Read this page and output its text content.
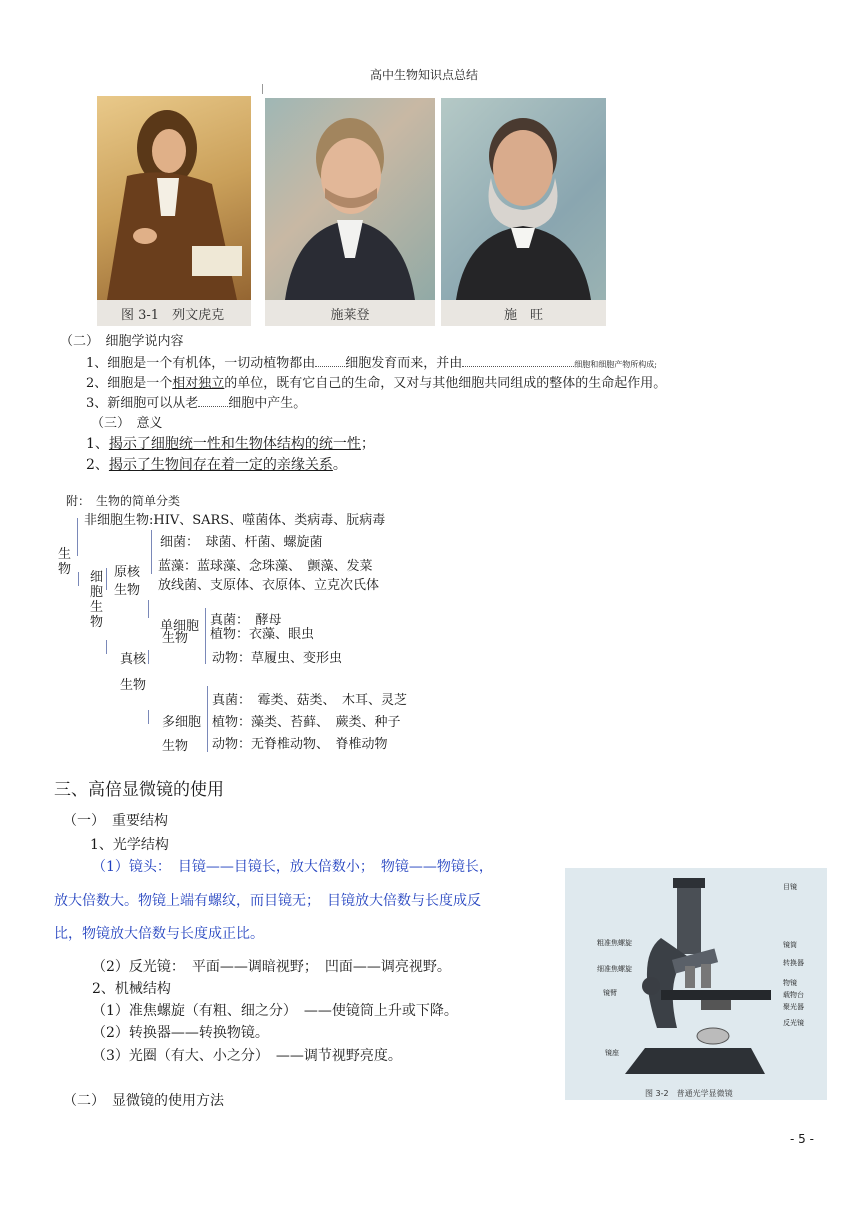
高中生物知识点总结
图 3-1　列文虎克	施莱登	施　旺
（二）　细胞学说内容
1、细胞是一个有机体，一切动植物都由 细胞发育而来，并由	细胞和细胞产物所构成;
2、细胞是一个相对独立的单位，既有它自己的生命，又对与其他细胞共同组成的整体的生命起作用。
3、新细胞可以从老 细胞中产生。
（三）　意义
1、揭示了细胞统一性和生物体结构的统一性；
2、揭示了生物间存在着一定的亲缘关系。
附：　生物的简单分类
非细胞生物:HIV、SARS、噬菌体、类病毒、朊病毒
生物
细胞生物
原核生物
细菌：　球菌、杆菌、螺旋菌
蓝藻：蓝球藻、念珠藻、　颤藻、发菜
放线菌、支原体、衣原体、立克次氏体
真核
生物
单细胞
生物
真菌：　酵母
植物：衣藻、眼虫
动物：草履虫、变形虫
多细胞
生物
真菌：　霉类、菇类、　木耳、灵芝
植物：藻类、苔藓、　蕨类、种子
动物：无脊椎动物、　脊椎动物
三、高倍显微镜的使用
（一）　重要结构
1、光学结构
（1）镜头：　目镜——目镜长，放大倍数小；　物镜——物镜长，
放大倍数大。物镜上端有螺纹，而目镜无；　目镜放大倍数与长度成反
比，物镜放大倍数与长度成正比。
（2）反光镜：　平面——调暗视野；　凹面——调亮视野。
2、机械结构
（1）准焦螺旋（有粗、细之分）　——使镜筒上升或下降。
（2）转换器——转换物镜。
（3）光圈（有大、小之分）　——调节视野亮度。
（二）　显微镜的使用方法
目镜
粗准焦螺旋
细准焦螺旋
镜臂
镜座
镜筒
转换器
物镜
载物台
聚光器
反光镜
图 3-2　普通光学显微镜
- 5 -
